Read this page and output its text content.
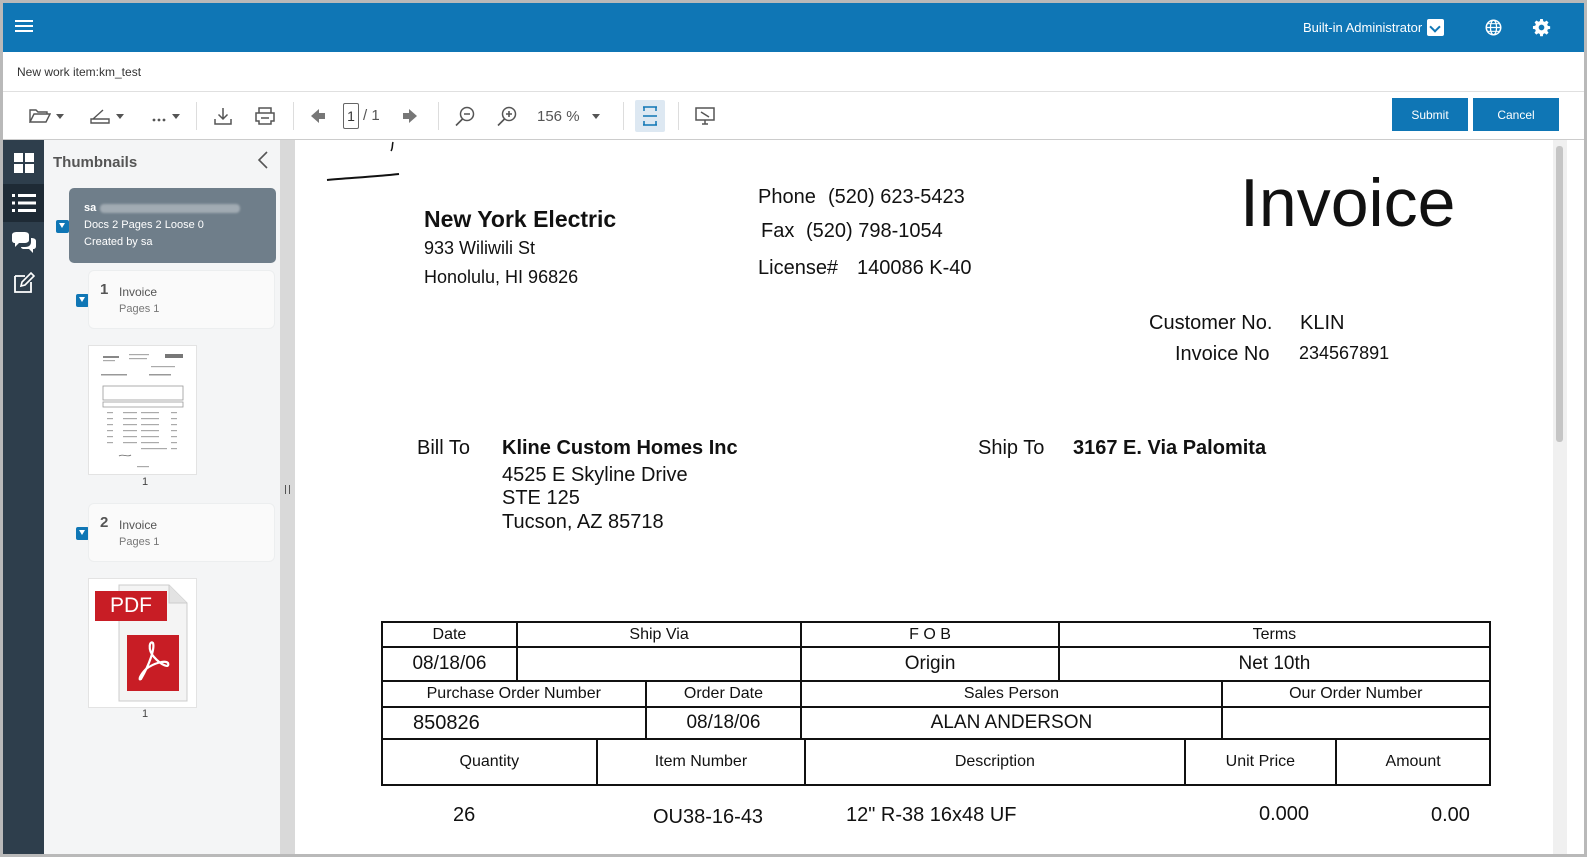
Built-in Administrator
New work item:km_test
1 / 1	156 %	Submit	Cancel
Thumbnails
sa
Docs 2 Pages 2 Loose 0
Created by sa
1 Invoice
Pages 1
1
2 Invoice
Pages 1
PDF
1
Invoice
New York Electric
933 Wiliwili St
Honolulu, HI 96826
Phone (520) 623-5423
Fax (520) 798-1054
License# 140086 K-40
Customer No. KLIN
Invoice No 234567891
Bill To Kline Custom Homes Inc
4525 E Skyline Drive
STE 125
Tucson, AZ 85718
Ship To 3167 E. Via Palomita
Date	Ship Via	F O B	Terms
08/18/06		Origin	Net 10th
Purchase Order Number	Order Date	Sales Person	Our Order Number
850826	08/18/06	ALAN ANDERSON	
Quantity	Item Number	Description	Unit Price	Amount
26	OU38-16-43	12" R-38 16x48 UF	0.000	0.00
